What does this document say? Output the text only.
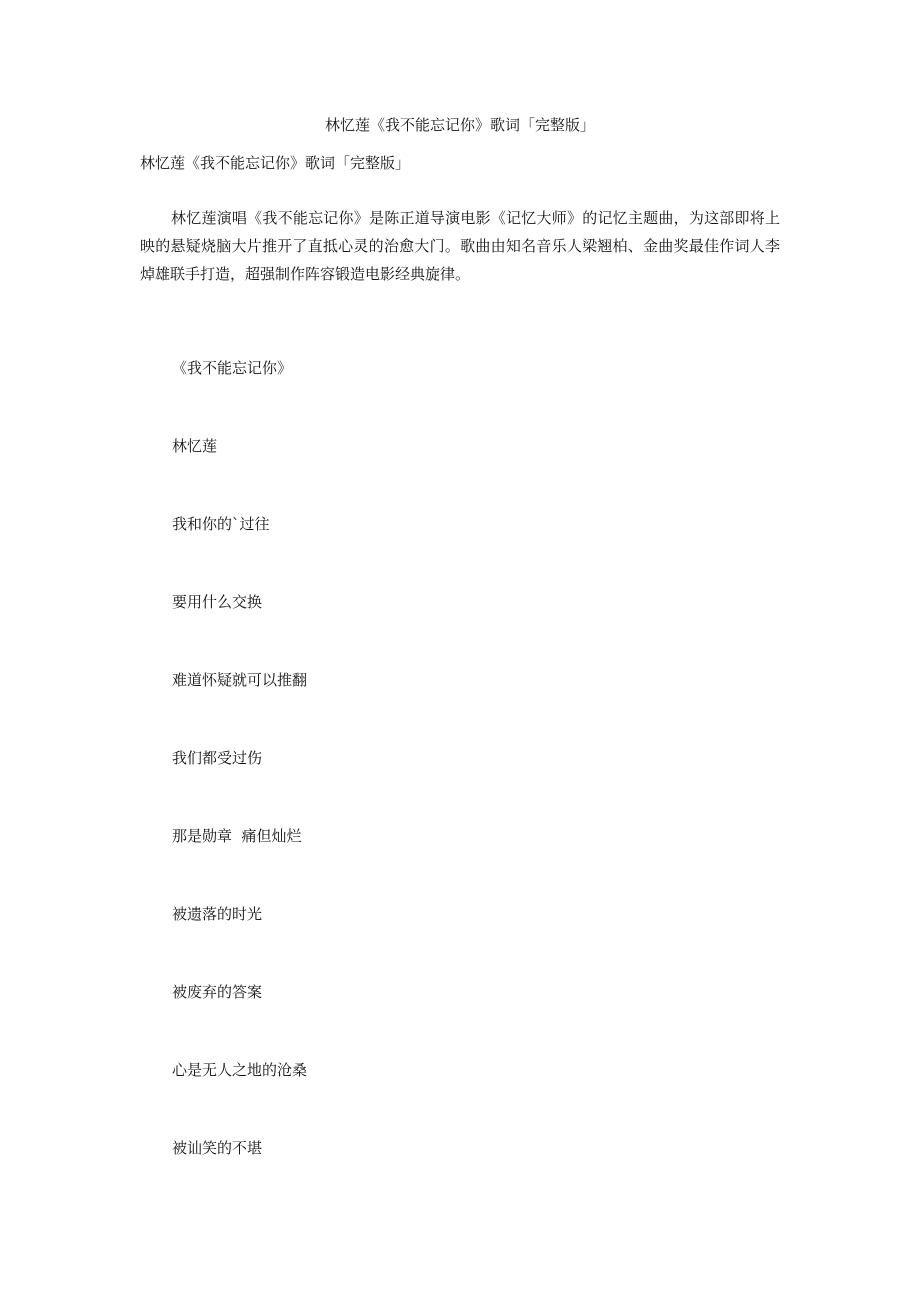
林忆莲《我不能忘记你》歌词「完整版」

林忆莲《我不能忘记你》歌词「完整版」

林忆莲演唱《我不能忘记你》是陈正道导演电影《记忆大师》的记忆主题曲，为这部即将上映的悬疑烧脑大片推开了直抵心灵的治愈大门。歌曲由知名音乐人梁翘柏、金曲奖最佳作词人李焯雄联手打造，超强制作阵容锻造电影经典旋律。

《我不能忘记你》
林忆莲
我和你的`过往
要用什么交换
难道怀疑就可以推翻
我们都受过伤
那是勋章  痛但灿烂
被遗落的时光
被废弃的答案
心是无人之地的沧桑
被讪笑的不堪
